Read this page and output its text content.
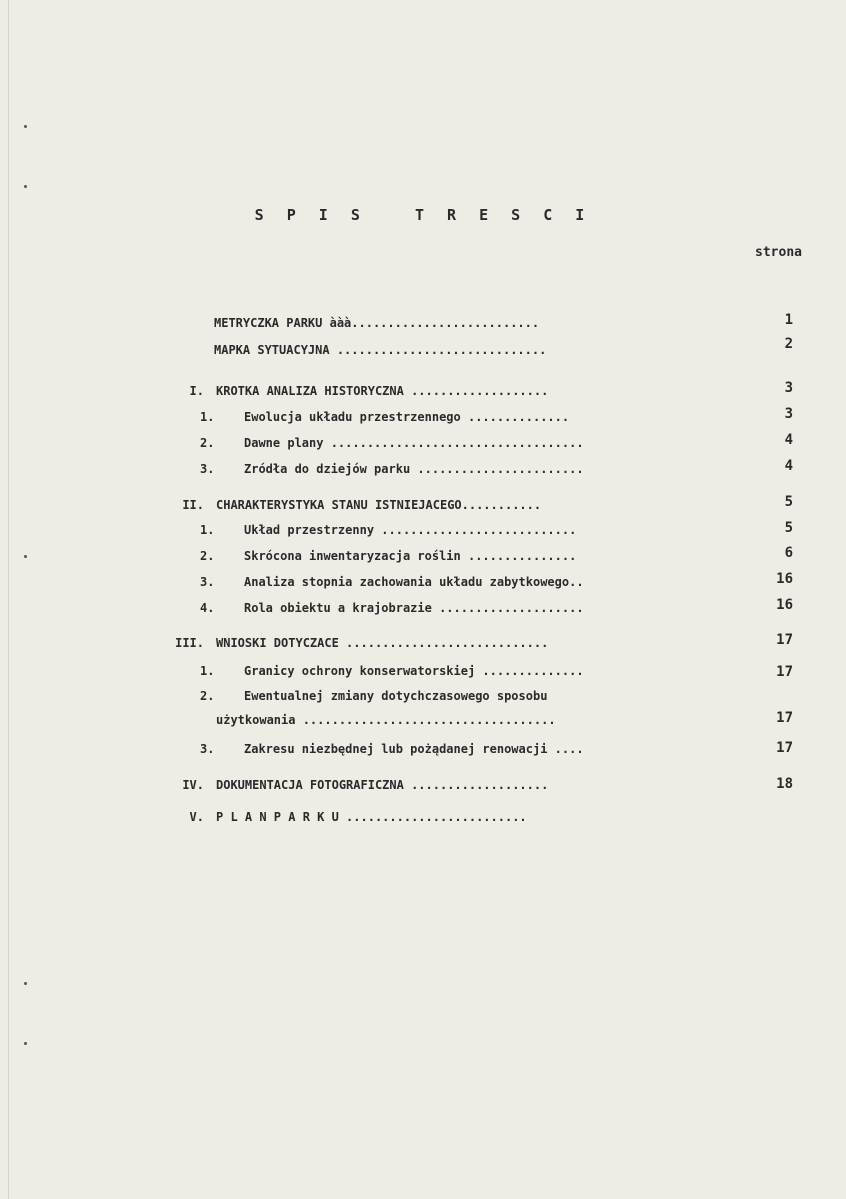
S P I S   T R E S C I
strona
METRYCZKA PARKU ààà..........................	1
MAPKA SYTUACYJNA .............................	2
I. KROTKA ANALIZA HISTORYCZNA ...................	3
1.	Ewolucja układu przestrzennego ..............	3
2.	Dawne plany ...................................	4
3.	Zródła do dziejów parku .......................	4
II. CHARAKTERYSTYKA STANU ISTNIEJACEGO...........	5
1.	Układ przestrzenny ...........................	5
2.	Skrócona inwentaryzacja roślin ...............	6
3.	Analiza stopnia zachowania układu zabytkowego..	16
4.	Rola obiektu a krajobrazie ....................	16
III. WNIOSKI DOTYCZACE ............................	17
1.	Granicy ochrony konserwatorskiej ..............	17
2.	Ewentualnej zmiany dotychczasowego sposobu
użytkowania ...................................	17
3.	Zakresu niezbędnej lub pożądanej renowacji ....	17
IV. DOKUMENTACJA FOTOGRAFICZNA ...................	18
V. P L A N P A R K U .........................
